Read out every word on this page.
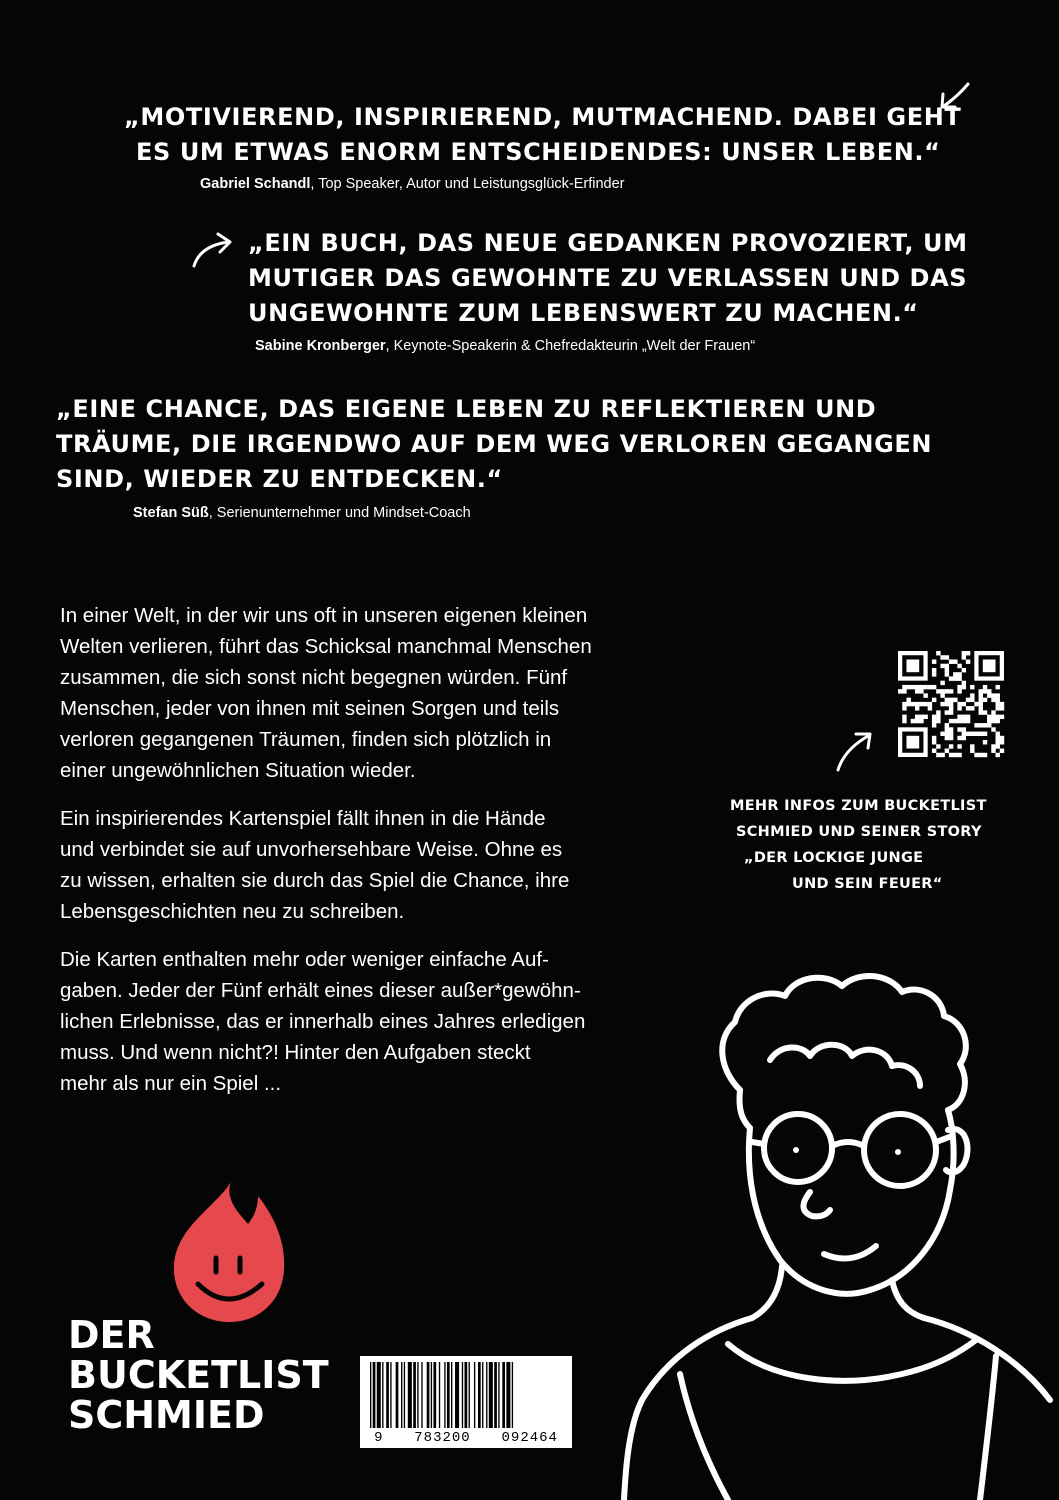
„MOTIVIEREND, INSPIRIEREND, MUTMACHEND. DABEI GEHT
ES UM ETWAS ENORM ENTSCHEIDENDES: UNSER LEBEN.“
Gabriel Schandl, Top Speaker, Autor und Leistungsglück-Erfinder
„EIN BUCH, DAS NEUE GEDANKEN PROVOZIERT, UM
MUTIGER DAS GEWOHNTE ZU VERLASSEN UND DAS
UNGEWOHNTE ZUM LEBENSWERT ZU MACHEN.“
Sabine Kronberger, Keynote-Speakerin & Chefredakteurin „Welt der Frauen“
„EINE CHANCE, DAS EIGENE LEBEN ZU REFLEKTIEREN UND
TRÄUME, DIE IRGENDWO AUF DEM WEG VERLOREN GEGANGEN
SIND, WIEDER ZU ENTDECKEN.“
Stefan Süß, Serienunternehmer und Mindset-Coach

In einer Welt, in der wir uns oft in unseren eigenen kleinen
Welten verlieren, führt das Schicksal manchmal Menschen
zusammen, die sich sonst nicht begegnen würden. Fünf
Menschen, jeder von ihnen mit seinen Sorgen und teils
verloren gegangenen Träumen, finden sich plötzlich in
einer ungewöhnlichen Situation wieder.

Ein inspirierendes Kartenspiel fällt ihnen in die Hände
und verbindet sie auf unvorhersehbare Weise. Ohne es
zu wissen, erhalten sie durch das Spiel die Chance, ihre
Lebensgeschichten neu zu schreiben.

Die Karten enthalten mehr oder weniger einfache Auf-
gaben. Jeder der Fünf erhält eines dieser außer*gewöhn-
lichen Erlebnisse, das er innerhalb eines Jahres erledigen
muss. Und wenn nicht?! Hinter den Aufgaben steckt
mehr als nur ein Spiel ...

MEHR INFOS ZUM BUCKETLIST
SCHMIED UND SEINER STORY
„DER LOCKIGE JUNGE
UND SEIN FEUER“
DER
BUCKETLIST
SCHMIED
9 783200 092464
